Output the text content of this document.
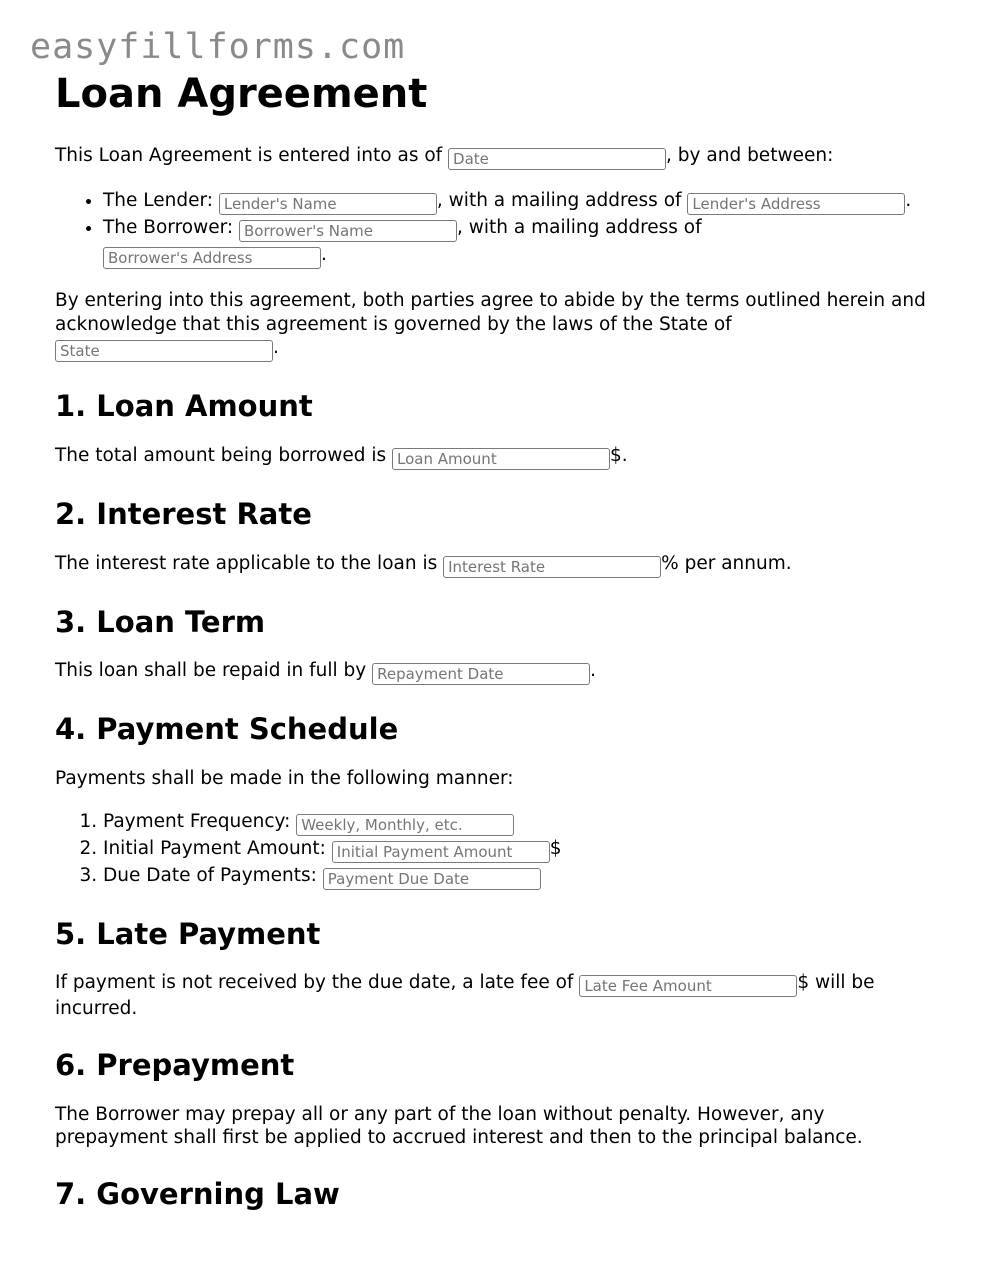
easyfillforms.com
Loan Agreement

This Loan Agreement is entered into as of Date	, by and between:

• The Lender: Lender's Name	, with a mailing address of Lender's Address	.
• The Borrower: Borrower's Name	, with a mailing address of
Borrower's Address.

By entering into this agreement, both parties agree to abide by the terms outlined herein and acknowledge that this agreement is governed by the laws of the State of
State.

1. Loan Amount

The total amount being borrowed is Loan Amount	$.

2. Interest Rate

The interest rate applicable to the loan is Interest Rate	% per annum.

3. Loan Term

This loan shall be repaid in full by Repayment Date	.

4. Payment Schedule

Payments shall be made in the following manner:

1. Payment Frequency: Weekly, Monthly, etc.
2. Initial Payment Amount: Initial Payment Amount	$
3. Due Date of Payments: Payment Due Date
5. Late Payment

If payment is not received by the due date, a late fee of Late Fee Amount	$ will be incurred.

6. Prepayment

The Borrower may prepay all or any part of the loan without penalty. However, any prepayment shall first be applied to accrued interest and then to the principal balance.

7. Governing Law
